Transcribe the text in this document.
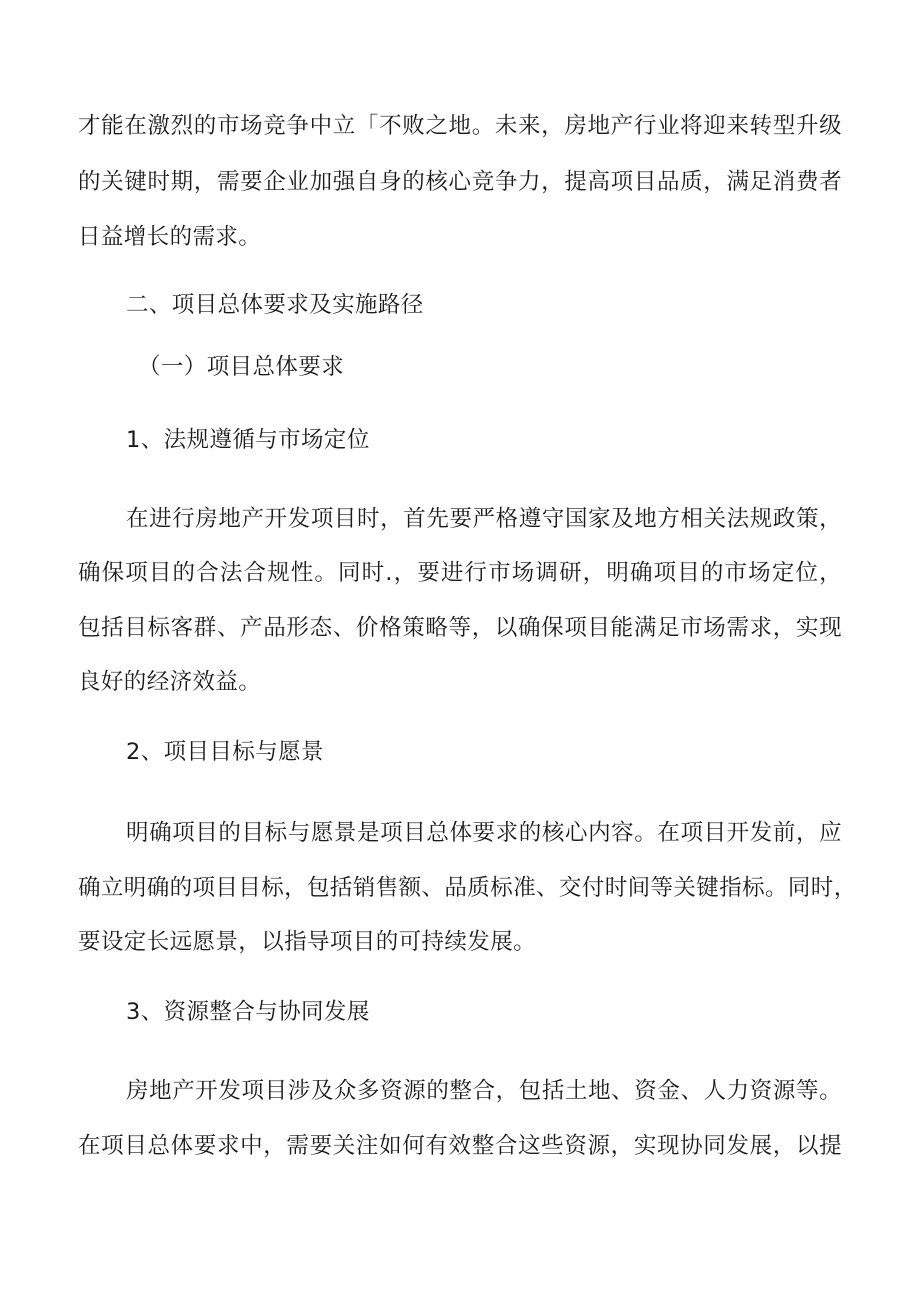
才能在激烈的市场竞争中立「不败之地。未来，房地产行业将迎来转型升级
的关键时期，需要企业加强自身的核心竞争力，提高项目品质，满足消费者
日益增长的需求。
二、项目总体要求及实施路径
（一）项目总体要求
1、法规遵循与市场定位
在进行房地产开发项目时，首先要严格遵守国家及地方相关法规政策，
确保项目的合法合规性。同时.，要进行市场调研，明确项目的市场定位，
包括目标客群、产品形态、价格策略等，以确保项目能满足市场需求，实现
良好的经济效益。
2、项目目标与愿景
明确项目的目标与愿景是项目总体要求的核心内容。在项目开发前，应
确立明确的项目目标，包括销售额、品质标准、交付时间等关键指标。同时，
要设定长远愿景，以指导项目的可持续发展。
3、资源整合与协同发展
房地产开发项目涉及众多资源的整合，包括土地、资金、人力资源等。
在项目总体要求中，需要关注如何有效整合这些资源，实现协同发展，以提
